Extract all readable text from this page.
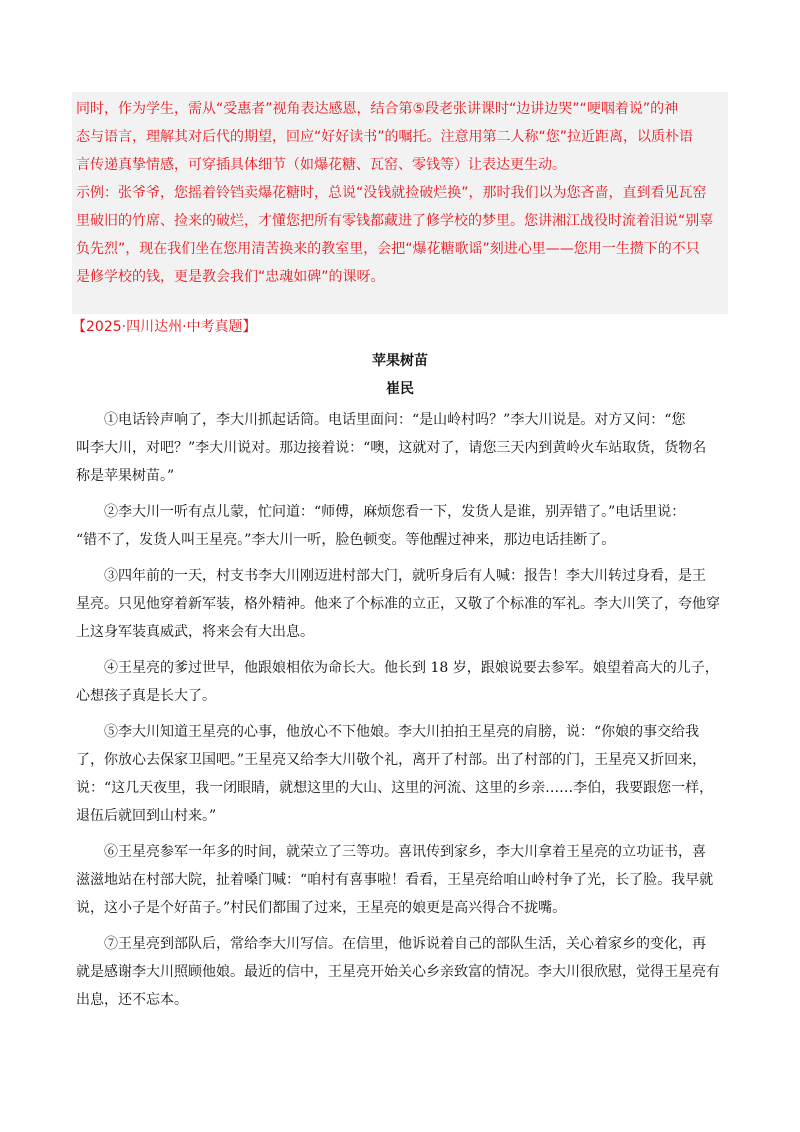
同时，作为学生，需从“受惠者”视角表达感恩，结合第⑤段老张讲课时“边讲边哭”“哽咽着说”的神
态与语言，理解其对后代的期望，回应“好好读书”的嘱托。注意用第二人称“您”拉近距离，以质朴语
言传递真挚情感，可穿插具体细节（如爆花糖、瓦窑、零钱等）让表达更生动。
示例：张爷爷，您摇着铃铛卖爆花糖时，总说“没钱就捡破烂换”，那时我们以为您吝啬，直到看见瓦窑
里破旧的竹席、捡来的破烂，才懂您把所有零钱都藏进了修学校的梦里。您讲湘江战役时流着泪说“别辜
负先烈”，现在我们坐在您用清苦换来的教室里，会把“爆花糖歌谣”刻进心里——您用一生攒下的不只
是修学校的钱，更是教会我们“忠魂如碑”的课呀。
【2025·四川达州·中考真题】
苹果树苗
崔民
①电话铃声响了，李大川抓起话筒。电话里面问：“是山岭村吗？”李大川说是。对方又问：“您
叫李大川，对吧？”李大川说对。那边接着说：“噢，这就对了，请您三天内到黄岭火车站取货，货物名
称是苹果树苗。”
②李大川一听有点儿蒙，忙问道：“师傅，麻烦您看一下，发货人是谁，别弄错了。”电话里说：
“错不了，发货人叫王星亮。”李大川一听，脸色顿变。等他醒过神来，那边电话挂断了。
③四年前的一天，村支书李大川刚迈进村部大门，就听身后有人喊：报告！李大川转过身看，是王
星亮。只见他穿着新军装，格外精神。他来了个标准的立正，又敬了个标准的军礼。李大川笑了，夸他穿
上这身军装真威武，将来会有大出息。
④王星亮的爹过世早，他跟娘相依为命长大。他长到 18 岁，跟娘说要去参军。娘望着高大的儿子，
心想孩子真是长大了。
⑤李大川知道王星亮的心事，他放心不下他娘。李大川拍拍王星亮的肩膀，说：“你娘的事交给我
了，你放心去保家卫国吧。”王星亮又给李大川敬个礼，离开了村部。出了村部的门，王星亮又折回来，
说：“这几天夜里，我一闭眼睛，就想这里的大山、这里的河流、这里的乡亲……李伯，我要跟您一样，
退伍后就回到山村来。”
⑥王星亮参军一年多的时间，就荣立了三等功。喜讯传到家乡，李大川拿着王星亮的立功证书，喜
滋滋地站在村部大院，扯着嗓门喊：“咱村有喜事啦！看看，王星亮给咱山岭村争了光，长了脸。我早就
说，这小子是个好苗子。”村民们都围了过来，王星亮的娘更是高兴得合不拢嘴。
⑦王星亮到部队后，常给李大川写信。在信里，他诉说着自己的部队生活，关心着家乡的变化，再
就是感谢李大川照顾他娘。最近的信中，王星亮开始关心乡亲致富的情况。李大川很欣慰，觉得王星亮有
出息，还不忘本。
